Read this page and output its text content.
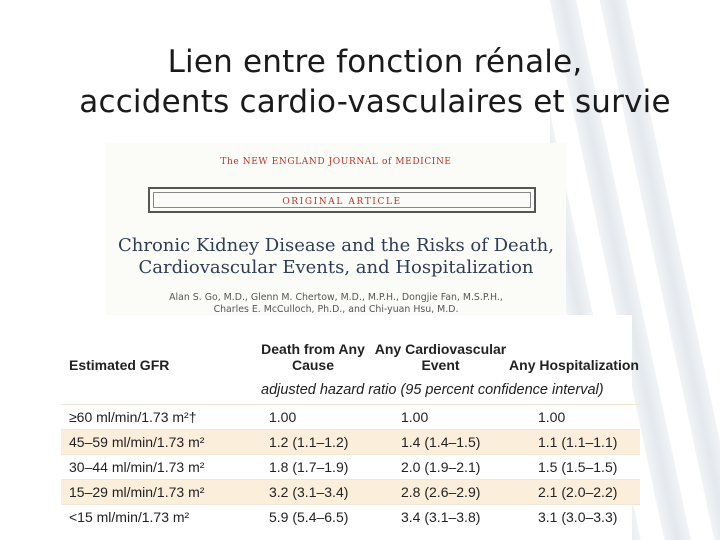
Lien entre fonction rénale,
accidents cardio-vasculaires et survie
The NEW ENGLAND JOURNAL of MEDICINE
ORIGINAL ARTICLE
Chronic Kidney Disease and the Risks of Death,
Cardiovascular Events, and Hospitalization
Alan S. Go, M.D., Glenn M. Chertow, M.D., M.P.H., Dongjie Fan, M.S.P.H.,
Charles E. McCulloch, Ph.D., and Chi-yuan Hsu, M.D.
Estimated GFR	Death from Any Cause	Any Cardiovascular Event	Any Hospitalization
adjusted hazard ratio (95 percent confidence interval)			
≥60 ml/min/1.73 m²†	1.00	1.00	1.00
45–59 ml/min/1.73 m²	1.2 (1.1–1.2)	1.4 (1.4–1.5)	1.1 (1.1–1.1)
30–44 ml/min/1.73 m²	1.8 (1.7–1.9)	2.0 (1.9–2.1)	1.5 (1.5–1.5)
15–29 ml/min/1.73 m²	3.2 (3.1–3.4)	2.8 (2.6–2.9)	2.1 (2.0–2.2)
<15 ml/min/1.73 m²	5.9 (5.4–6.5)	3.4 (3.1–3.8)	3.1 (3.0–3.3)
